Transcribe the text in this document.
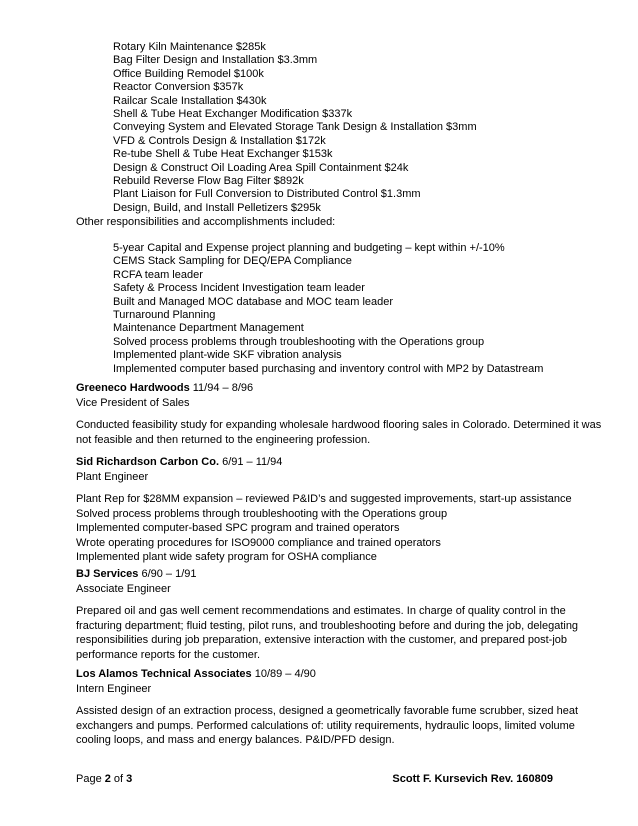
Rotary Kiln Maintenance $285k
Bag Filter Design and Installation $3.3mm
Office Building Remodel $100k
Reactor Conversion $357k
Railcar Scale Installation $430k
Shell & Tube Heat Exchanger Modification $337k
Conveying System and Elevated Storage Tank Design & Installation $3mm
VFD & Controls Design & Installation $172k
Re-tube Shell & Tube Heat Exchanger $153k
Design & Construct Oil Loading Area Spill Containment $24k
Rebuild Reverse Flow Bag Filter $892k
Plant Liaison for Full Conversion to Distributed Control $1.3mm
Design, Build, and Install Pelletizers $295k

Other responsibilities and accomplishments included:

5-year Capital and Expense project planning and budgeting – kept within +/-10%
CEMS Stack Sampling for DEQ/EPA Compliance
RCFA team leader
Safety & Process Incident Investigation team leader
Built and Managed MOC database and MOC team leader
Turnaround Planning
Maintenance Department Management
Solved process problems through troubleshooting with the Operations group
Implemented plant-wide SKF vibration analysis
Implemented computer based purchasing and inventory control with MP2 by Datastream

Greeneco Hardwoods 11/94 – 8/96
Vice President of Sales

Conducted feasibility study for expanding wholesale hardwood flooring sales in Colorado. Determined it was
not feasible and then returned to the engineering profession.

Sid Richardson Carbon Co. 6/91 – 11/94
Plant Engineer

Plant Rep for $28MM expansion – reviewed P&ID’s and suggested improvements, start-up assistance
Solved process problems through troubleshooting with the Operations group
Implemented computer-based SPC program and trained operators
Wrote operating procedures for ISO9000 compliance and trained operators
Implemented plant wide safety program for OSHA compliance

BJ Services 6/90 – 1/91
Associate Engineer

Prepared oil and gas well cement recommendations and estimates. In charge of quality control in the
fracturing department; fluid testing, pilot runs, and troubleshooting before and during the job, delegating
responsibilities during job preparation, extensive interaction with the customer, and prepared post-job
performance reports for the customer.

Los Alamos Technical Associates 10/89 – 4/90
Intern Engineer

Assisted design of an extraction process, designed a geometrically favorable fume scrubber, sized heat
exchangers and pumps. Performed calculations of: utility requirements, hydraulic loops, limited volume
cooling loops, and mass and energy balances. P&ID/PFD design.

Page 2 of 3	Scott F. Kursevich Rev. 160809
